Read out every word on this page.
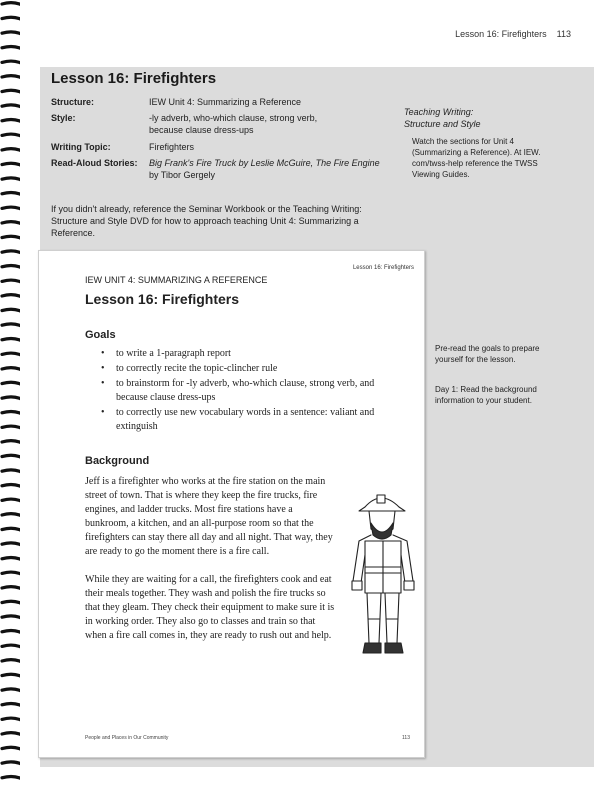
Lesson 16: Firefighters 113
Lesson 16: Firefighters
Structure:	IEW Unit 4: Summarizing a Reference
Style:	-ly adverb, who-which clause, strong verb,
because clause dress-ups
Writing Topic:	Firefighters
Read-Aloud Stories:	Big Frank's Fire Truck by Leslie McGuire, The Fire Engine
by Tibor Gergely
Teaching Writing:
Structure and Style
Watch the sections for Unit 4
(Summarizing a Reference). At IEW.
com/twss-help reference the TWSS
Viewing Guides.
If you didn't already, reference the Seminar Workbook or the Teaching Writing:
Structure and Style DVD for how to approach teaching Unit 4: Summarizing a
Reference.
Pre-read the goals to prepare
yourself for the lesson.
Day 1: Read the background
information to your student.
Lesson 16: Firefighters
IEW UNIT 4: SUMMARIZING A REFERENCE
Lesson 16: Firefighters
Goals
• to write a 1-paragraph report
• to correctly recite the topic-clincher rule
• to brainstorm for -ly adverb, who-which clause, strong verb, and because clause dress-ups
• to correctly use new vocabulary words in a sentence: valiant and extinguish
Background
Jeff is a firefighter who works at the fire station on the main street of town. That is where they keep the fire trucks, fire engines, and ladder trucks. Most fire stations have a bunkroom, a kitchen, and an all-purpose room so that the firefighters can stay there all day and all night. That way, they are ready to go the moment there is a fire call.
While they are waiting for a call, the firefighters cook and eat their meals together. They wash and polish the fire trucks so that they gleam. They check their equipment to make sure it is in working order. They also go to classes and train so that when a fire call comes in, they are ready to rush out and help.
People and Places in Our Community	113
